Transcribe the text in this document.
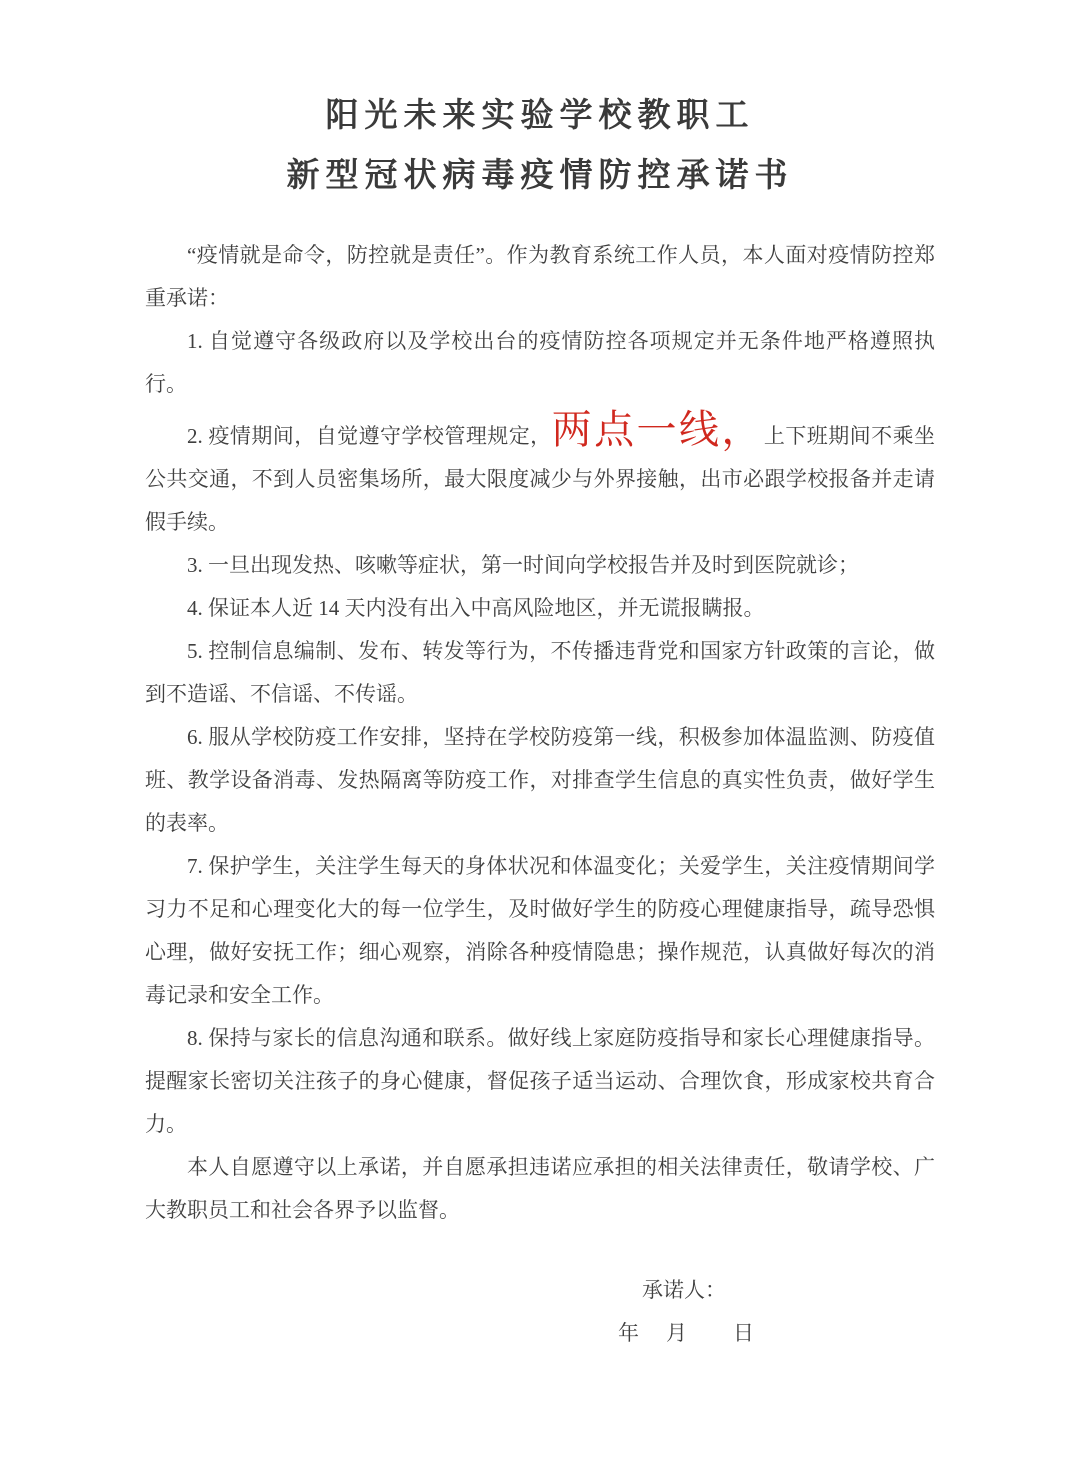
阳光未来实验学校教职工
新型冠状病毒疫情防控承诺书

“疫情就是命令，防控就是责任”。作为教育系统工作人员，本人面对疫情防控郑重承诺：

1. 自觉遵守各级政府以及学校出台的疫情防控各项规定并无条件地严格遵照执行。

2. 疫情期间，自觉遵守学校管理规定，两点一线，上下班期间不乘坐公共交通，不到人员密集场所，最大限度减少与外界接触，出市必跟学校报备并走请假手续。

3. 一旦出现发热、咳嗽等症状，第一时间向学校报告并及时到医院就诊；

4. 保证本人近 14 天内没有出入中高风险地区，并无谎报瞒报。

5. 控制信息编制、发布、转发等行为，不传播违背党和国家方针政策的言论，做到不造谣、不信谣、不传谣。

6. 服从学校防疫工作安排，坚持在学校防疫第一线，积极参加体温监测、防疫值班、教学设备消毒、发热隔离等防疫工作，对排查学生信息的真实性负责，做好学生的表率。

7. 保护学生，关注学生每天的身体状况和体温变化；关爱学生，关注疫情期间学习力不足和心理变化大的每一位学生，及时做好学生的防疫心理健康指导，疏导恐惧心理，做好安抚工作；细心观察，消除各种疫情隐患；操作规范，认真做好每次的消毒记录和安全工作。

8. 保持与家长的信息沟通和联系。做好线上家庭防疫指导和家长心理健康指导。提醒家长密切关注孩子的身心健康，督促孩子适当运动、合理饮食，形成家校共育合力。

本人自愿遵守以上承诺，并自愿承担违诺应承担的相关法律责任，敬请学校、广大教职员工和社会各界予以监督。

承诺人：
年 月 日
